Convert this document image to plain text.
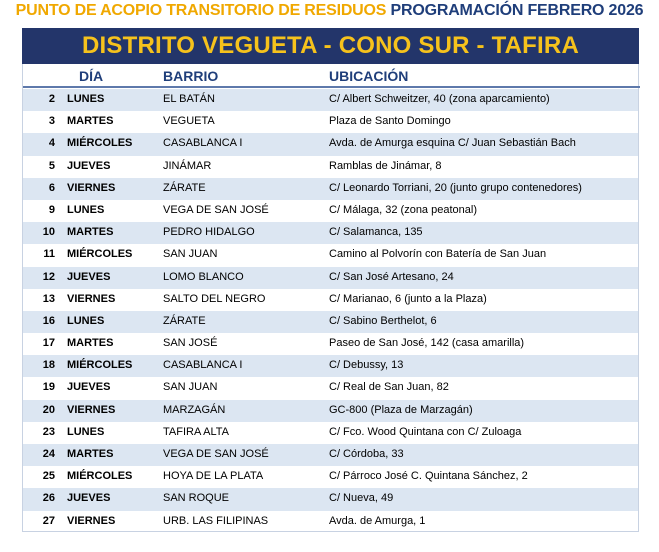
PUNTO DE ACOPIO TRANSITORIO DE RESIDUOS PROGRAMACIÓN FEBRERO 2026
DISTRITO VEGUETA - CONO SUR - TAFIRA
DÍA	BARRIO	UBICACIÓN
2 LUNES	EL BATÁN	C/ Albert Schweitzer, 40 (zona aparcamiento)
3 MARTES	VEGUETA	Plaza de Santo Domingo
4 MIÉRCOLES	CASABLANCA I	Avda. de Amurga esquina C/ Juan Sebastián Bach
5 JUEVES	JINÁMAR	Ramblas de Jinámar, 8
6 VIERNES	ZÁRATE	C/ Leonardo Torriani, 20 (junto grupo contenedores)
9 LUNES	VEGA DE SAN JOSÉ	C/ Málaga, 32 (zona peatonal)
10 MARTES	PEDRO HIDALGO	C/ Salamanca, 135
11 MIÉRCOLES	SAN JUAN	Camino al Polvorín con Batería de San Juan
12 JUEVES	LOMO BLANCO	C/ San José Artesano, 24
13 VIERNES	SALTO DEL NEGRO	C/ Marianao, 6 (junto a la Plaza)
16 LUNES	ZÁRATE	C/ Sabino Berthelot, 6
17 MARTES	SAN JOSÉ	Paseo de San José, 142 (casa amarilla)
18 MIÉRCOLES	CASABLANCA I	C/ Debussy, 13
19 JUEVES	SAN JUAN	C/ Real de San Juan, 82
20 VIERNES	MARZAGÁN	GC-800 (Plaza de Marzagán)
23 LUNES	TAFIRA ALTA	C/ Fco. Wood Quintana con C/ Zuloaga
24 MARTES	VEGA DE SAN JOSÉ	C/ Córdoba, 33
25 MIÉRCOLES	HOYA DE LA PLATA	C/ Párroco José C. Quintana Sánchez, 2
26 JUEVES	SAN ROQUE	C/ Nueva, 49
27 VIERNES	URB. LAS FILIPINAS	Avda. de Amurga, 1
